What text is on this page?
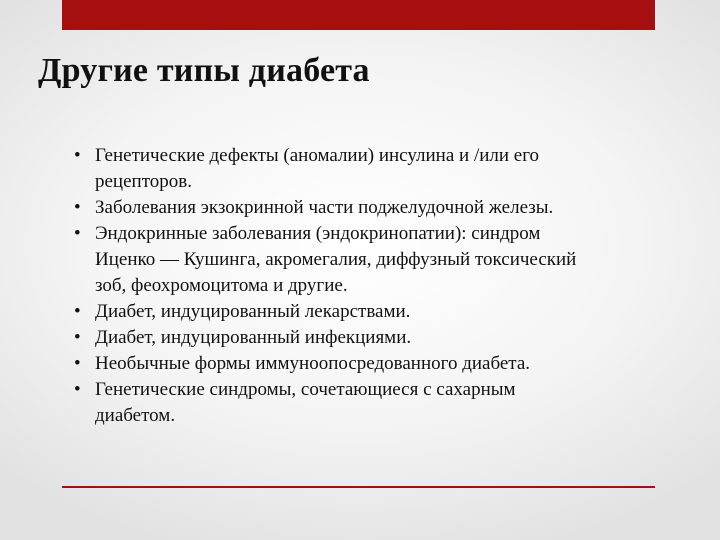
Другие типы диабета
• Генетические дефекты (аномалии) инсулина и /или его рецепторов.
• Заболевания экзокринной части поджелудочной железы.
• Эндокринные заболевания (эндокринопатии): синдром Иценко — Кушинга, акромегалия, диффузный токсический зоб, феохромоцитома и другие.
• Диабет, индуцированный лекарствами.
• Диабет, индуцированный инфекциями.
• Необычные формы иммуноопосредованного диабета.
• Генетические синдромы, сочетающиеся с сахарным диабетом.
